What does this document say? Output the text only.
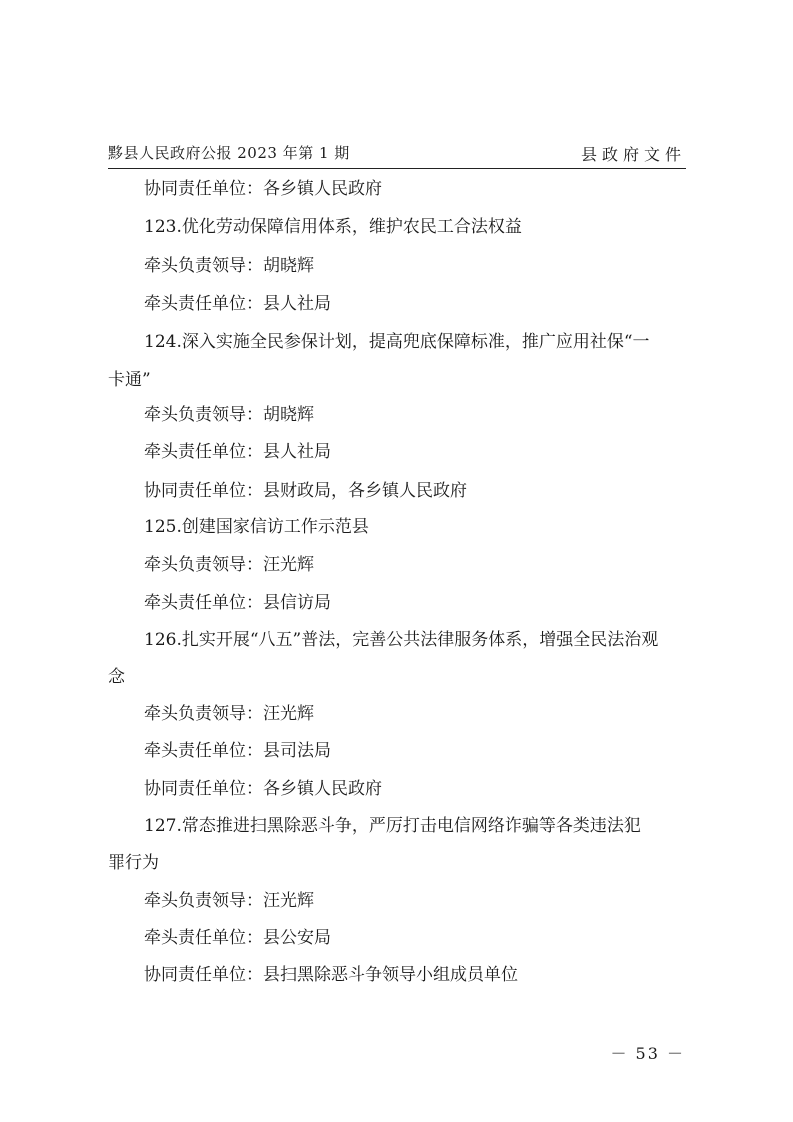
黟县人民政府公报 2023 年第 1 期	县政府文件
协同责任单位：各乡镇人民政府
123.优化劳动保障信用体系，维护农民工合法权益
牵头负责领导：胡晓辉
牵头责任单位：县人社局
124.深入实施全民参保计划，提高兜底保障标准，推广应用社保“一
卡通”
牵头负责领导：胡晓辉
牵头责任单位：县人社局
协同责任单位：县财政局，各乡镇人民政府
125.创建国家信访工作示范县
牵头负责领导：汪光辉
牵头责任单位：县信访局
126.扎实开展“八五”普法，完善公共法律服务体系，增强全民法治观
念
牵头负责领导：汪光辉
牵头责任单位：县司法局
协同责任单位：各乡镇人民政府
127.常态推进扫黑除恶斗争，严厉打击电信网络诈骗等各类违法犯
罪行为
牵头负责领导：汪光辉
牵头责任单位：县公安局
协同责任单位：县扫黑除恶斗争领导小组成员单位
－ 53 －
